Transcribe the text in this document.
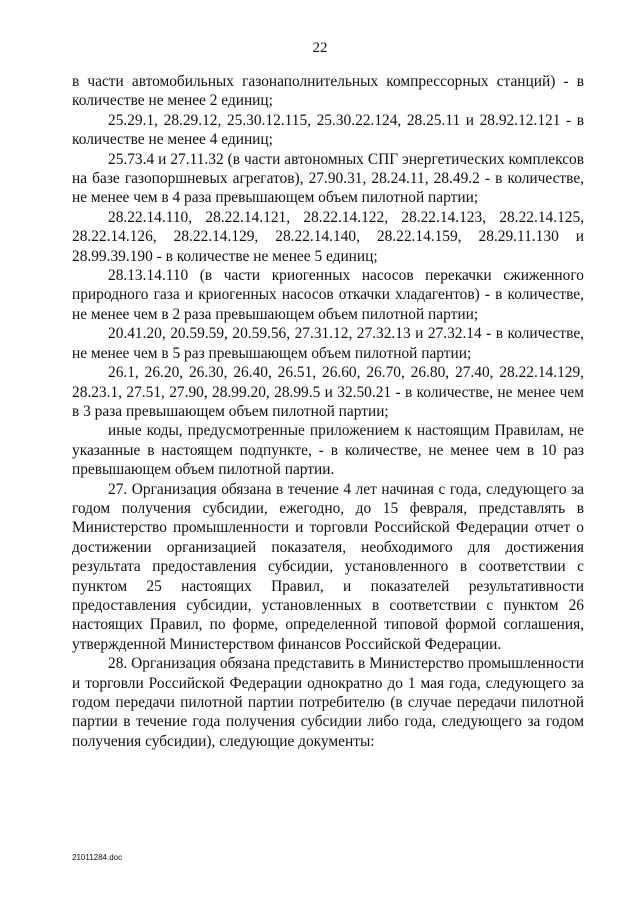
22

в части автомобильных газонаполнительных компрессорных станций) - в количестве не менее 2 единиц;

25.29.1, 28.29.12, 25.30.12.115, 25.30.22.124, 28.25.11 и 28.92.12.121 - в количестве не менее 4 единиц;

25.73.4 и 27.11.32 (в части автономных СПГ энергетических комплексов на базе газопоршневых агрегатов), 27.90.31, 28.24.11, 28.49.2 - в количестве, не менее чем в 4 раза превышающем объем пилотной партии;

28.22.14.110, 28.22.14.121, 28.22.14.122, 28.22.14.123, 28.22.14.125, 28.22.14.126, 28.22.14.129, 28.22.14.140, 28.22.14.159, 28.29.11.130 и 28.99.39.190 - в количестве не менее 5 единиц;

28.13.14.110 (в части криогенных насосов перекачки сжиженного природного газа и криогенных насосов откачки хладагентов) - в количестве, не менее чем в 2 раза превышающем объем пилотной партии;

20.41.20, 20.59.59, 20.59.56, 27.31.12, 27.32.13 и 27.32.14 - в количестве, не менее чем в 5 раз превышающем объем пилотной партии;

26.1, 26.20, 26.30, 26.40, 26.51, 26.60, 26.70, 26.80, 27.40, 28.22.14.129, 28.23.1, 27.51, 27.90, 28.99.20, 28.99.5 и 32.50.21 - в количестве, не менее чем в 3 раза превышающем объем пилотной партии;

иные коды, предусмотренные приложением к настоящим Правилам, не указанные в настоящем подпункте, - в количестве, не менее чем в 10 раз превышающем объем пилотной партии.

27. Организация обязана в течение 4 лет начиная с года, следующего за годом получения субсидии, ежегодно, до 15 февраля, представлять в Министерство промышленности и торговли Российской Федерации отчет о достижении организацией показателя, необходимого для достижения результата предоставления субсидии, установленного в соответствии с пунктом 25 настоящих Правил, и показателей результативности предоставления субсидии, установленных в соответствии с пунктом 26 настоящих Правил, по форме, определенной типовой формой соглашения, утвержденной Министерством финансов Российской Федерации.

28. Организация обязана представить в Министерство промышленности и торговли Российской Федерации однократно до 1 мая года, следующего за годом передачи пилотной партии потребителю (в случае передачи пилотной партии в течение года получения субсидии либо года, следующего за годом получения субсидии), следующие документы:

21011284.doc
